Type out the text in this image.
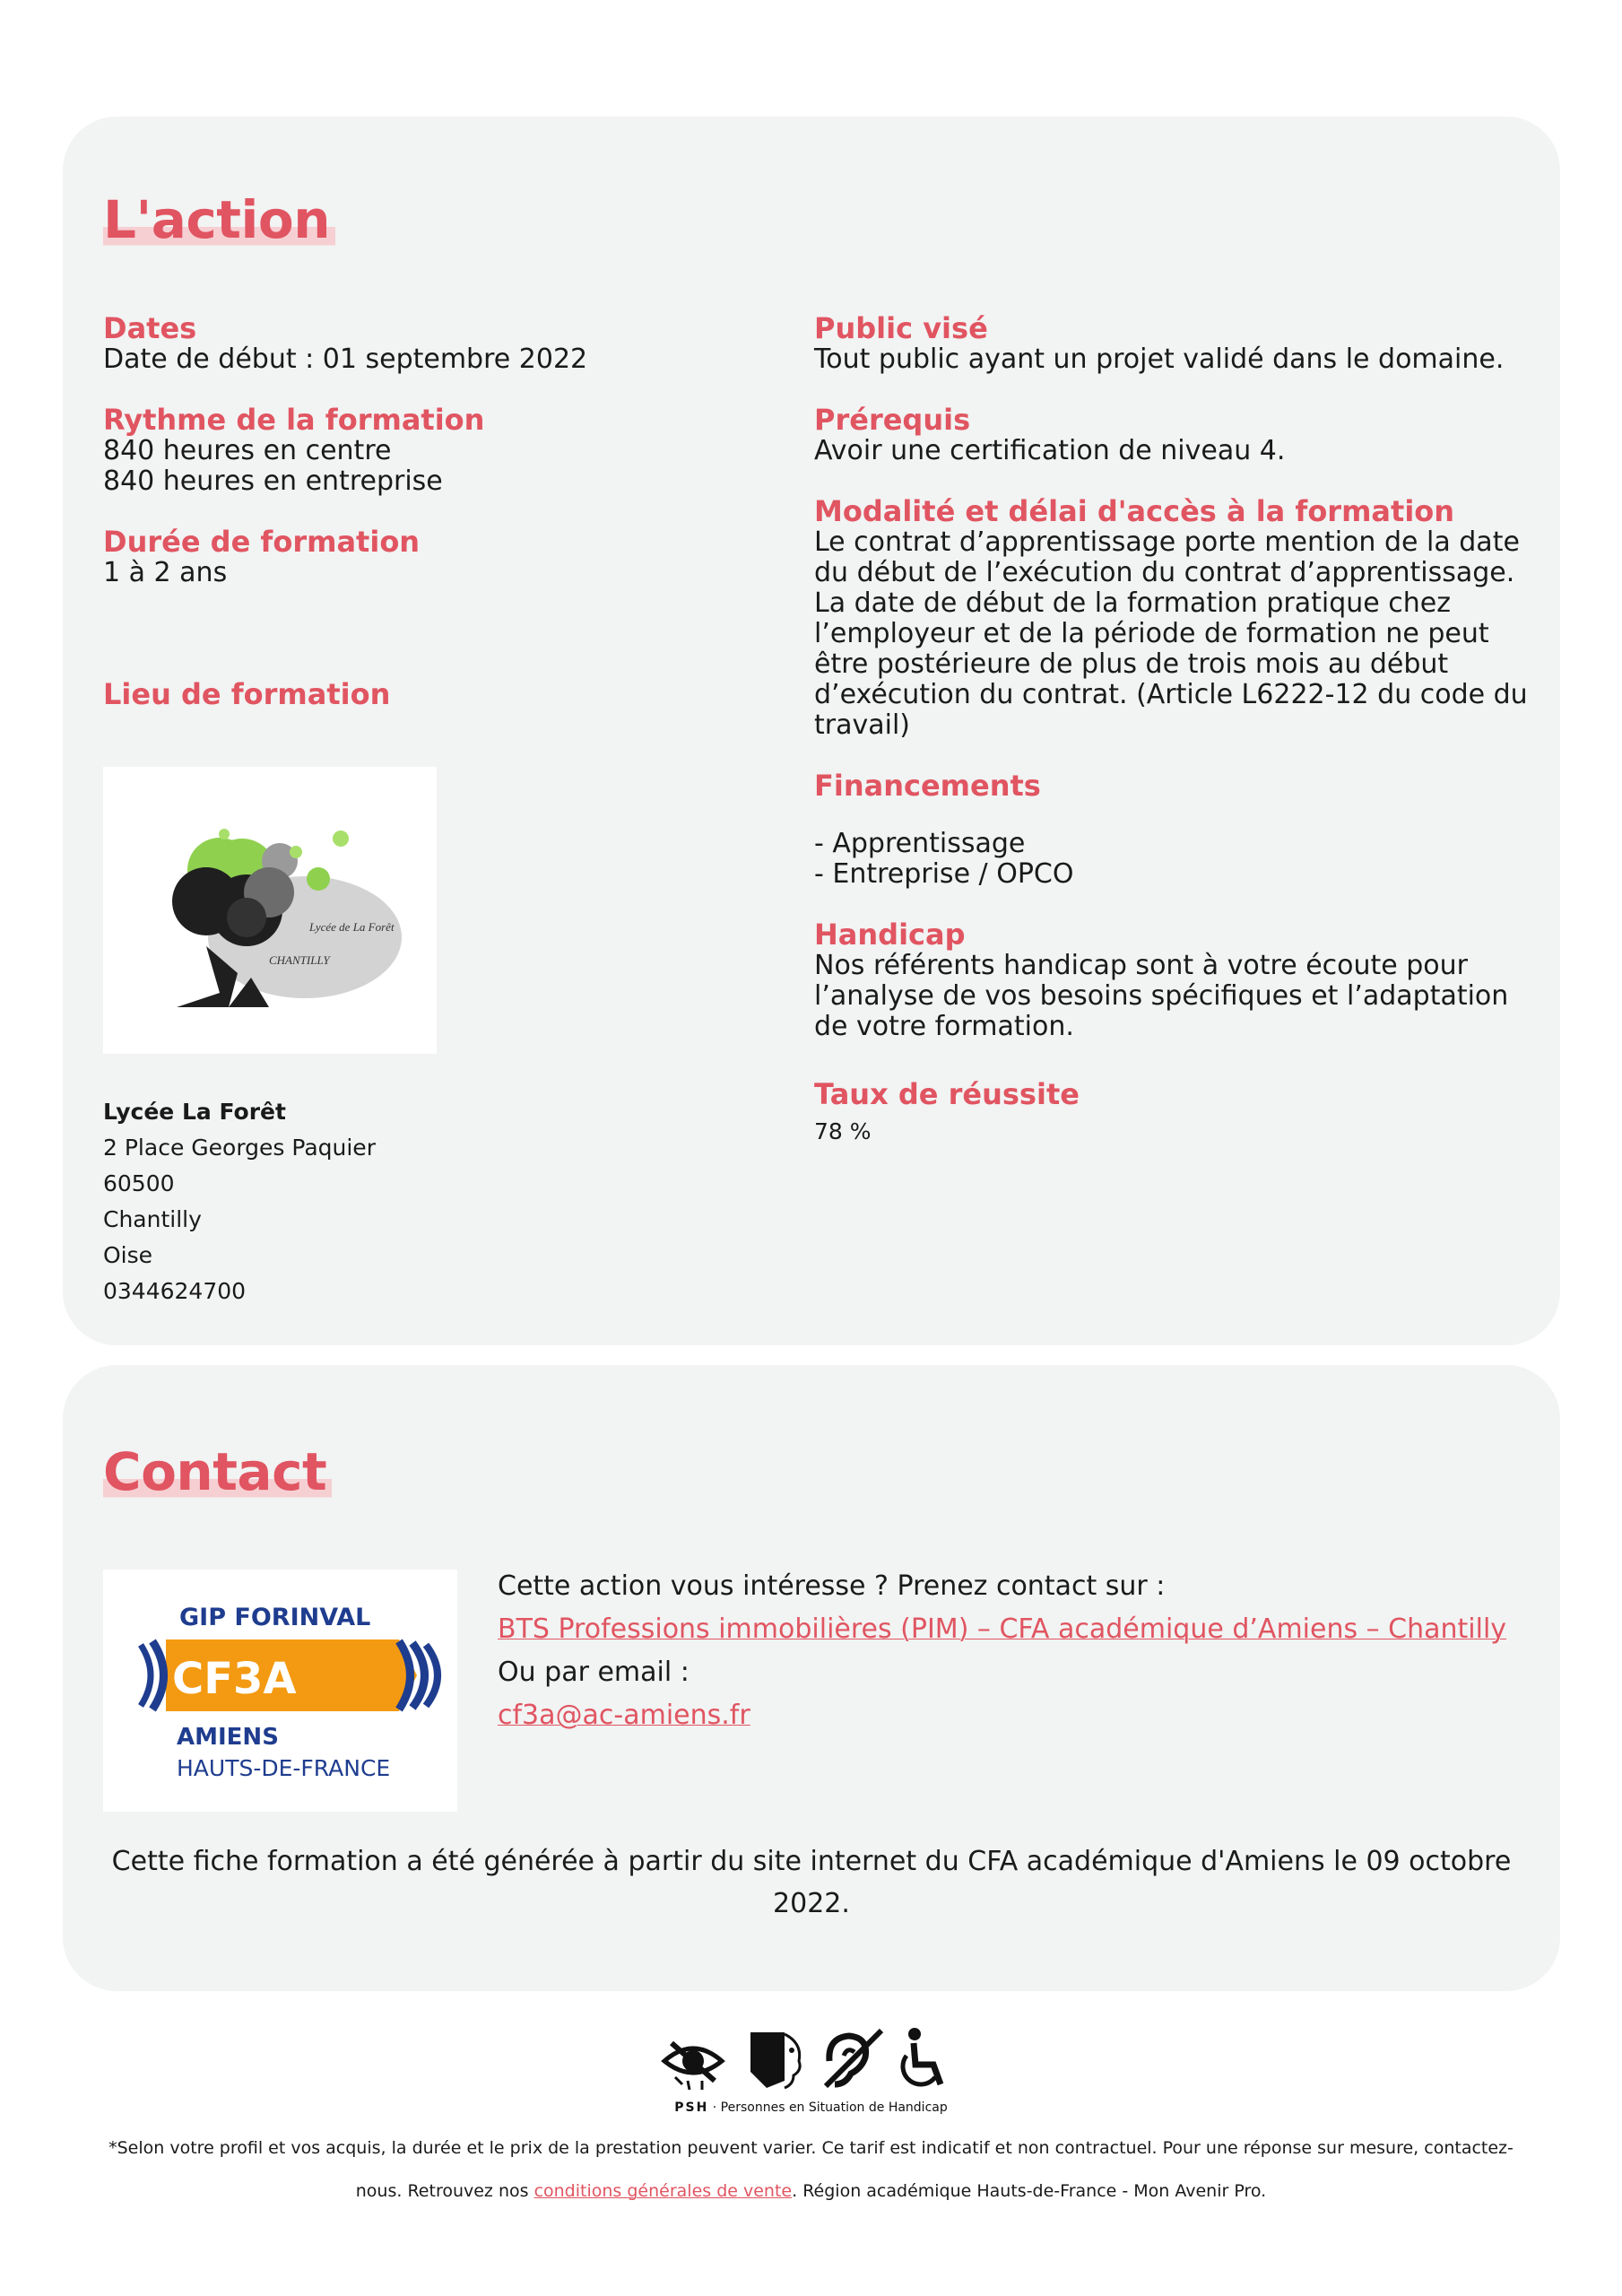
L'action

Dates

Date de début : 01 septembre 2022

Rythme de la formation

840 heures en centre

840 heures en entreprise

Durée de formation

1 à 2 ans

Lieu de formation

Lycée de La Forêt
CHANTILLY

Lycée La Forêt

2 Place Georges Paquier

60500

Chantilly

Oise

0344624700

Public visé

Tout public ayant un projet validé dans le domaine.

Prérequis

Avoir une certification de niveau 4.

Modalité et délai d'accès à la formation

Le contrat d’apprentissage porte mention de la date

du début de l’exécution du contrat d’apprentissage.

La date de début de la formation pratique chez

l’employeur et de la période de formation ne peut

être postérieure de plus de trois mois au début

d’exécution du contrat. (Article L6222-12 du code du

travail)

Financements

- Apprentissage

- Entreprise / OPCO

Handicap

Nos référents handicap sont à votre écoute pour

l’analyse de vos besoins spécifiques et l’adaptation

de votre formation.

Taux de réussite

78 %

Contact
GIP FORINVAL
CF3A
AMIENS
HAUTS-DE-FRANCE

Cette action vous intéresse ? Prenez contact sur :

BTS Professions immobilières (PIM) – CFA académique d’Amiens – Chantilly

Ou par email :

cf3a@ac-amiens.fr

Cette fiche formation a été générée à partir du site internet du CFA académique d'Amiens le 09 octobre

2022.

PSH · Personnes en Situation de Handicap
*Selon votre profil et vos acquis, la durée et le prix de la prestation peuvent varier. Ce tarif est indicatif et non contractuel. Pour une réponse sur mesure, contactez-
nous. Retrouvez nos conditions générales de vente. Région académique Hauts-de-France - Mon Avenir Pro.
